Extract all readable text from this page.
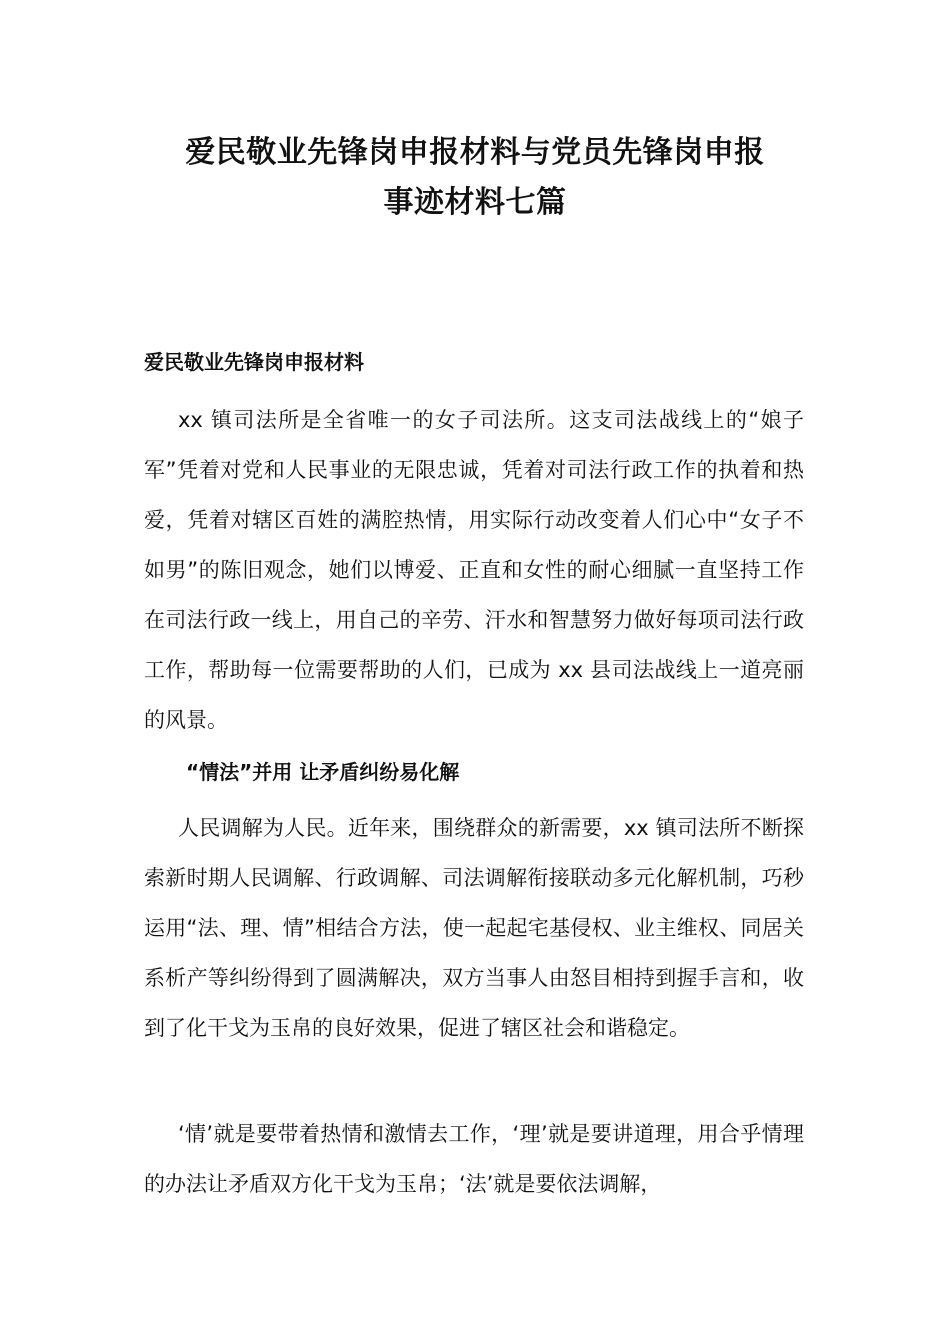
爱民敬业先锋岗申报材料与党员先锋岗申报
事迹材料七篇
爱民敬业先锋岗申报材料

xx 镇司法所是全省唯一的女子司法所。这支司法战线上的“娘子军”凭着对党和人民事业的无限忠诚，凭着对司法行政工作的执着和热爱，凭着对辖区百姓的满腔热情，用实际行动改变着人们心中“女子不如男”的陈旧观念，她们以博爱、正直和女性的耐心细腻一直坚持工作在司法行政一线上，用自己的辛劳、汗水和智慧努力做好每项司法行政工作，帮助每一位需要帮助的人们，已成为 xx 县司法战线上一道亮丽的风景。

“情法”并用 让矛盾纠纷易化解

人民调解为人民。近年来，围绕群众的新需要，xx 镇司法所不断探索新时期人民调解、行政调解、司法调解衔接联动多元化解机制，巧秒运用“法、理、情”相结合方法，使一起起宅基侵权、业主维权、同居关系析产等纠纷得到了圆满解决，双方当事人由怒目相持到握手言和，收到了化干戈为玉帛的良好效果，促进了辖区社会和谐稳定。

‘情’就是要带着热情和激情去工作，‘理’就是要讲道理，用合乎情理的办法让矛盾双方化干戈为玉帛；‘法’就是要依法调解，
